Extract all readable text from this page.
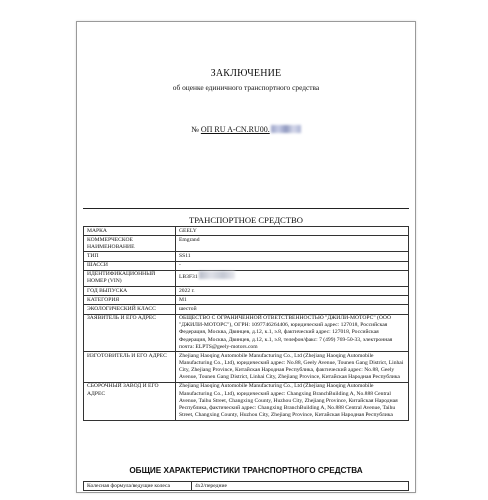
ЗАКЛЮЧЕНИЕ
об оценке единичного транспортного средства
№ ОП RU A-CN.RU00.
ТРАНСПОРТНОЕ СРЕДСТВО
МАРКА	GEELY
КОММЕРЧЕСКОЕ НАИМЕНОВАНИЕ	Emgrand
ТИП	SS11
ШАССИ	-
ИДЕНТИФИКАЦИОННЫЙ НОМЕР (VIN)	LB3F31
ГОД ВЫПУСКА	2022 г.
КАТЕГОРИЯ	M1
ЭКОЛОГИЧЕСКИЙ КЛАСС	шестой
ЗАЯВИТЕЛЬ И ЕГО АДРЕС	ОБЩЕСТВО С ОГРАНИЧЕННОЙ ОТВЕТСТВЕННОСТЬЮ "ДЖИЛИ-МОТОРС" (ООО "ДЖИЛИ-МОТОРС"), ОГРН: 1097746264406, юридический адрес: 127018, Российская Федерация, Москва, Двинцев, д.12, к.1, э.8, фактический адрес: 127018, Российская Федерация, Москва, Двинцев, д.12, к.1, э.8, телефон/факс: 7 (499) 769-50-33, электронная почта: ELPTS@geely-motors.com
ИЗГОТОВИТЕЛЬ И ЕГО АДРЕС	Zhejiang Haoqing Automobile Manufacturing Co., Ltd (Zhejiang Haoqing Automobile Manufacturing Co., Ltd), юридический адрес: No.88, Geely Avenue, Tounen Gang District, Linhai City, Zhejiang Province, Китайская Народная Республика, фактический адрес: No.88, Geely Avenue, Tounen Gang District, Linhai City, Zhejiang Province, Китайская Народная Республика
СБОРОЧНЫЙ ЗАВОД И ЕГО АДРЕС	Zhejiang Haoqing Automobile Manufacturing Co., Ltd (Zhejiang Haoqing Automobile Manufacturing Co., Ltd), юридический адрес: Changxing BranchBuilding A, No.888 Central Avenue, Taihu Street, Changxing County, Huzhou City, Zhejiang Province, Китайская Народная Республика, фактический адрес: Changxing BranchBuilding A, No.888 Central Avenue, Taihu Street, Changxing County, Huzhou City, Zhejiang Province, Китайская Народная Республика
ОБЩИЕ ХАРАКТЕРИСТИКИ ТРАНСПОРТНОГО СРЕДСТВА
Колесная формула/ведущие колеса	4х2/передние
